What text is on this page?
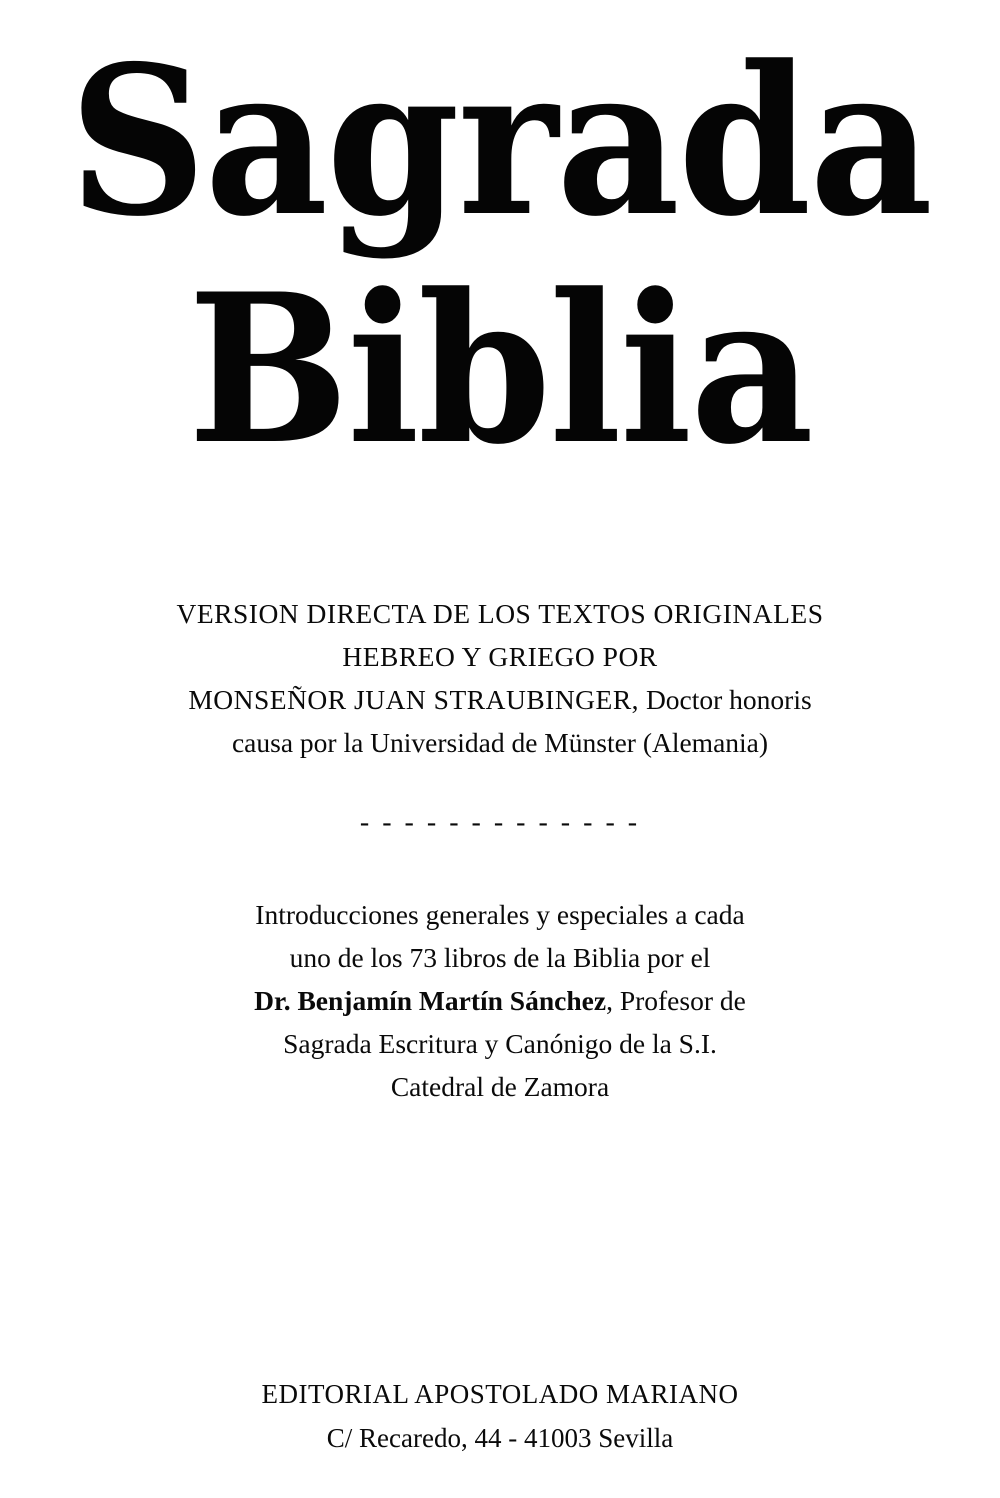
Sagrada
Biblia

VERSION DIRECTA DE LOS TEXTOS ORIGINALES

HEBREO Y GRIEGO POR

MONSEÑOR JUAN STRAUBINGER, Doctor honoris

causa por la Universidad de Münster (Alemania)

- - - - - - - - - - - - -

Introducciones generales y especiales a cada

uno de los 73 libros de la Biblia por el

Dr. Benjamín Martín Sánchez, Profesor de

Sagrada Escritura y Canónigo de la S.I.

Catedral de Zamora

EDITORIAL APOSTOLADO MARIANO

C/ Recaredo, 44 - 41003 Sevilla
